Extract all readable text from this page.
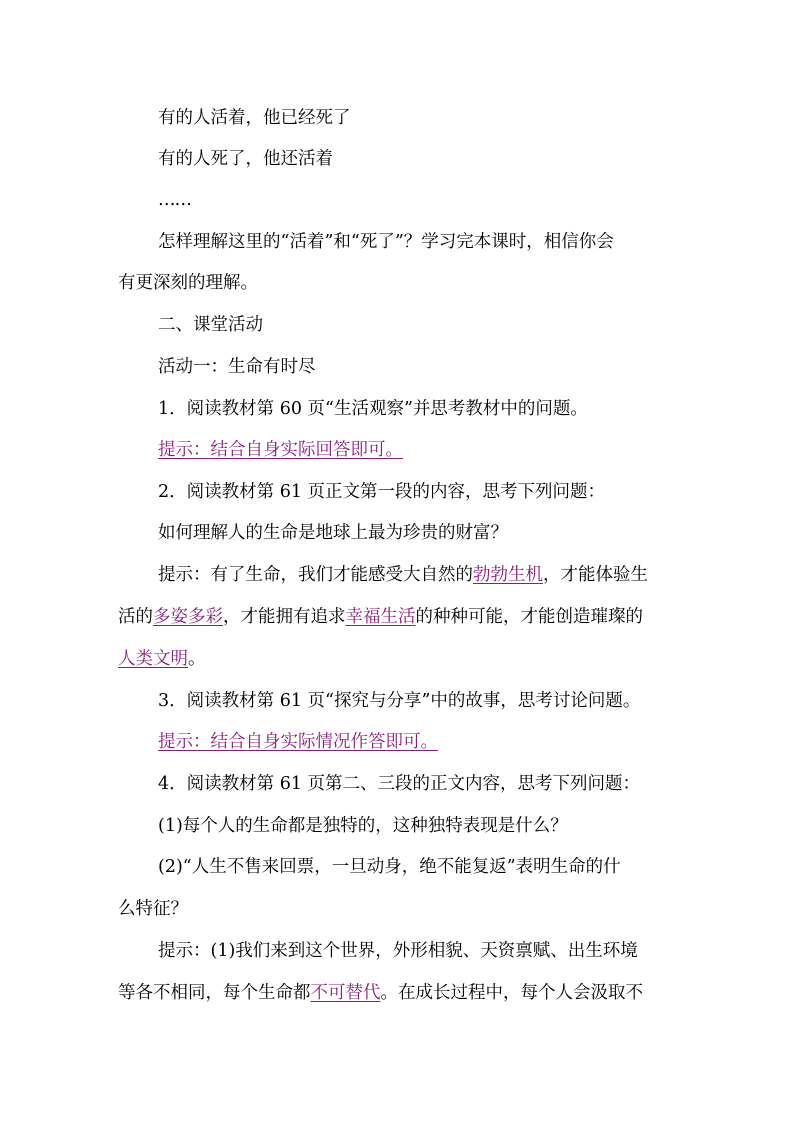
有的人活着，他已经死了
有的人死了，他还活着
……
怎样理解这里的“活着”和“死了”？学习完本课时，相信你会
有更深刻的理解。
二、课堂活动
活动一：生命有时尽
1．阅读教材第 60 页“生活观察”并思考教材中的问题。
提示：结合自身实际回答即可。
2．阅读教材第 61 页正文第一段的内容，思考下列问题：
如何理解人的生命是地球上最为珍贵的财富？
提示：有了生命，我们才能感受大自然的勃勃生机，才能体验生
活的多姿多彩，才能拥有追求幸福生活的种种可能，才能创造璀璨的
人类文明。
3．阅读教材第 61 页“探究与分享”中的故事，思考讨论问题。
提示：结合自身实际情况作答即可。
4．阅读教材第 61 页第二、三段的正文内容，思考下列问题：
(1)每个人的生命都是独特的，这种独特表现是什么？
(2)“人生不售来回票，一旦动身，绝不能复返”表明生命的什
么特征？
提示：(1)我们来到这个世界，外形相貌、天资禀赋、出生环境
等各不相同，每个生命都不可替代。在成长过程中，每个人会汲取不
